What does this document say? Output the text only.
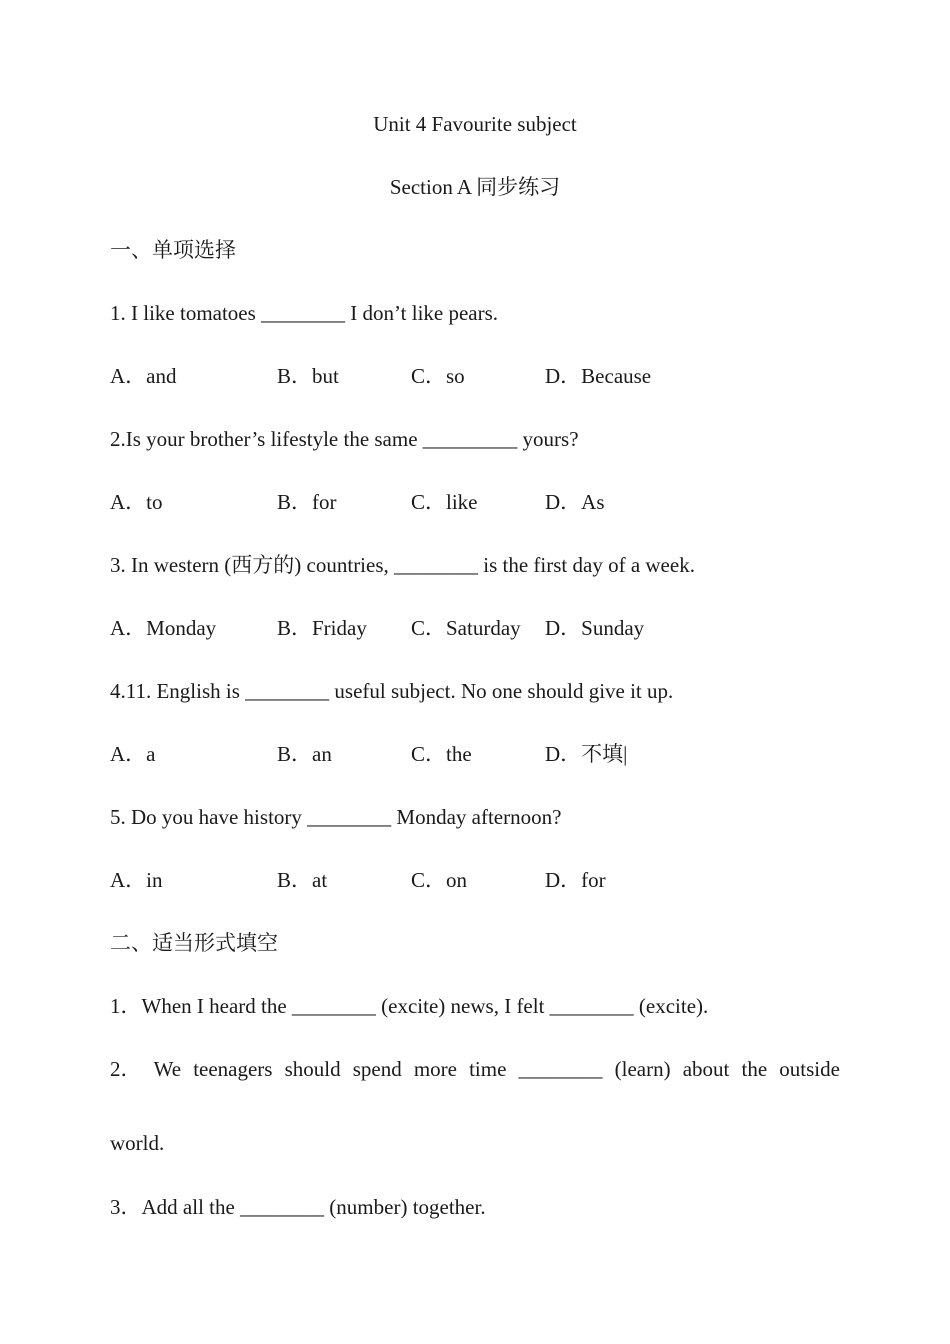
Unit 4 Favourite subject
Section A 同步练习
一、单项选择
1. I like tomatoes ________ I don’t like pears.
A．and	B．but	C．so	D．Because
2.Is your brother’s lifestyle the same _________ yours?
A．to	B．for	C．like	D．As
3. In western (西方的) countries, ________ is the first day of a week.
A．Monday	B．Friday C．Saturday D．Sunday
4.11. English is ________ useful subject. No one should give it up.
A．a	B．an	C．the	D．不填|
5. Do you have history ________ Monday afternoon?
A．in	B．at	C．on	D．for
二、适当形式填空
1．When I heard the ________ (excite) news, I felt ________ (excite).
2． We teenagers should spend more time ________ (learn) about the outside
world.
3．Add all the ________ (number) together.
